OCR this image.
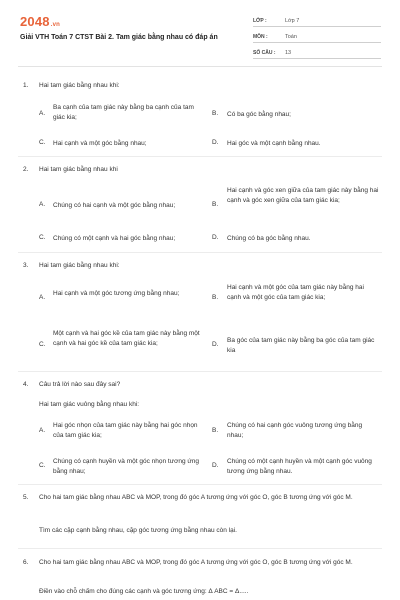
2048.vn
Giải VTH Toán 7 CTST Bài 2. Tam giác bằng nhau có đáp án
LỚP :	Lớp 7
MÔN :	Toán
SỐ CÂU :	13
1. Hai tam giác bằng nhau khi:
A.
Ba cạnh của tam giác này bằng ba cạnh của tam giác kia;
B. Có ba góc bằng nhau;
C. Hai cạnh và một góc bằng nhau;	D. Hai góc và một cạnh bằng nhau.
2. Hai tam giác bằng nhau khi
A. Chúng có hai cạnh và một góc bằng nhau;	B.
Hai cạnh và góc xen giữa của tam giác này bằng hai cạnh và góc xen giữa của tam giác kia;
C. Chúng có một cạnh và hai góc bằng nhau;	D. Chúng có ba góc bằng nhau.
3. Hai tam giác bằng nhau khi:
A.
Hai cạnh và một góc tương ứng bằng nhau;
B.
Hai cạnh và một góc của tam giác này bằng hai cạnh và một góc của tam giác kia;
C.
Một cạnh và hai góc kề của tam giác này bằng một cạnh và hai góc kề của tam giác kia;	D.
Ba góc của tam giác này bằng ba góc của tam giác kia
4. Câu trả lời nào sau đây sai?
Hai tam giác vuông bằng nhau khi:
A.
Hai góc nhọn của tam giác này bằng hai góc nhọn của tam giác kia;
B.
Chúng có hai cạnh góc vuông tương ứng bằng nhau;
C.
Chúng có cạnh huyền và một góc nhọn tương ứng bằng nhau;
D.
Chúng có một cạnh huyền và một cạnh góc vuông tương ứng bằng nhau.
5. Cho hai tam giác bằng nhau ABC và MOP, trong đó góc A tương ứng với góc O, góc B tương ứng với góc M.
Tìm các cặp cạnh bằng nhau, cặp góc tương ứng bằng nhau còn lại.
6. Cho hai tam giác bằng nhau ABC và MOP, trong đó góc A tương ứng với góc O, góc B tương ứng với góc M.
Điền vào chỗ chấm cho đúng các cạnh và góc tương ứng: Δ ABC = Δ.....
